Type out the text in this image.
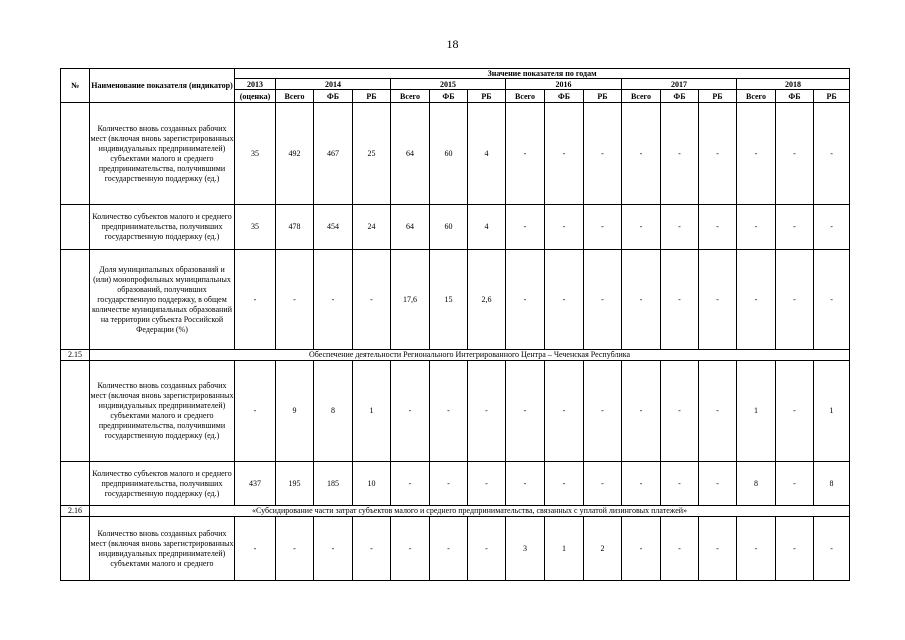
18
№	Наименование показателя (индикатор)	Значение показателя по годам															
		2013	2014			2015			2016			2017			2018		
		(оценка)	Всего	ФБ	РБ	Всего	ФБ	РБ	Всего	ФБ	РБ	Всего	ФБ	РБ	Всего	ФБ	РБ
	Количество вновь созданных рабочих мест (включая вновь зарегистрированных индивидуальных предпринимателей) субъектами малого и среднего предпринимательства, получившими государственную поддержку (ед.)	35	492	467	25	64	60	4	-	-	-	-	-	-	-	-	-
	Количество субъектов малого и среднего предпринимательства, получивших государственную поддержку (ед.)	35	478	454	24	64	60	4	-	-	-	-	-	-	-	-	-
	Доля муниципальных образований и (или) монопрофильных муниципальных образований, получивших государственную поддержку, в общем количестве муниципальных образований на территории субъекта Российской Федерации (%)	-	-	-	-	17,6	15	2,6	-	-	-	-	-	-	-	-	-
2.15	Обеспечение деятельности Регионального Интегрированного Центра – Чеченская Республика																
	Количество вновь созданных рабочих мест (включая вновь зарегистрированных индивидуальных предпринимателей) субъектами малого и среднего предпринимательства, получившими государственную поддержку (ед.)	-	9	8	1	-	-	-	-	-	-	-	-	-	1	-	1
	Количество субъектов малого и среднего предпринимательства, получивших государственную поддержку (ед.)	437	195	185	10	-	-	-	-	-	-	-	-	-	8	-	8
2.16	«Субсидирование части затрат субъектов малого и среднего предпринимательства, связанных с уплатой лизинговых платежей»																
	Количество вновь созданных рабочих мест (включая вновь зарегистрированных индивидуальных предпринимателей) субъектами малого и среднего	-	-	-	-	-	-	-	3	1	2	-	-	-	-	-	-
